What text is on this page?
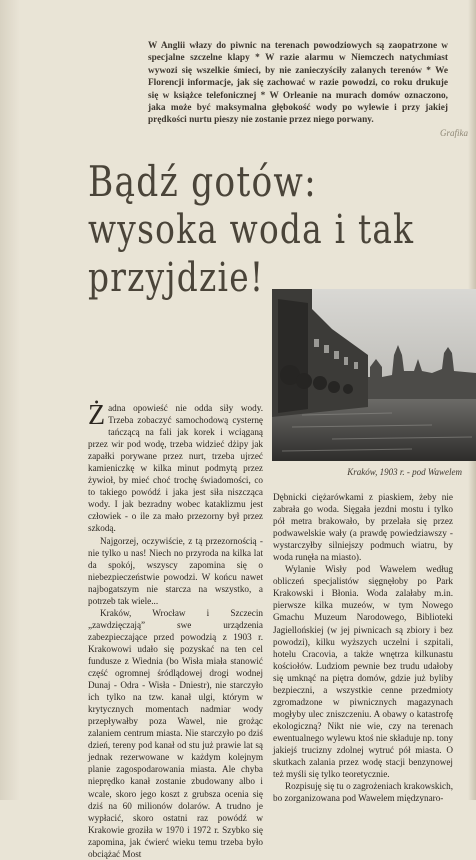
Grafika
W Anglii włazy do piwnic na terenach powodziowych są zaopatrzone w specjalne szczelne klapy * W razie alarmu w Niemczech natychmiast wywozi się wszelkie śmieci, by nie zanieczyściły zalanych terenów * We Florencji informacje, jak się zachować w razie powodzi, co roku drukuje się w książce telefonicznej * W Orleanie na murach domów oznaczono, jaka może być maksymalna głębokość wody po wylewie i przy jakiej prędkości nurtu pieszy nie zostanie przez niego porwany.
Bądź gotów:
wysoka woda i tak
przyjdzie!
Kraków, 1903 r. - pod Wawelem

Żadna opowieść nie odda siły wody. Trzeba zobaczyć samochodową cysternę tańczącą na fali jak korek i wciąganą przez wir pod wodę, trzeba widzieć dżipy jak zapałki porywane przez nurt, trzeba ujrzeć kamieniczkę w kilka minut podmytą przez żywioł, by mieć choć trochę świadomości, co to takiego powódź i jaka jest siła niszcząca wody. I jak bezradny wobec kataklizmu jest człowiek - o ile za mało przezorny był przez szkodą.

Najgorzej, oczywiście, z tą przezornością - nie tylko u nas! Niech no przyroda na kilka lat da spokój, wszyscy zapomina się o niebezpieczeństwie powodzi. W końcu nawet najbogatszym nie starcza na wszystko, a potrzeb tak wiele...

Kraków, Wrocław i Szczecin „zawdzięczają” swe urządzenia zabezpieczające przed powodzią z 1903 r. Krakowowi udało się pozyskać na ten cel fundusze z Wiednia (bo Wisła miała stanowić część ogromnej śródlądowej drogi wodnej Dunaj - Odra - Wisła - Dniestr), nie starczyło ich tylko na tzw. kanał ulgi, którym w krytycznych momentach nadmiar wody przepływałby poza Wawel, nie grożąc zalaniem centrum miasta. Nie starczyło po dziś dzień, tereny pod kanał od stu już prawie lat są jednak rezerwowane w każdym kolejnym planie zagospodarowania miasta. Ale chyba nieprędko kanał zostanie zbudowany albo i wcale, skoro jego koszt z grubsza ocenia się dziś na 60 milionów dolarów. A trudno je wypłacić, skoro ostatni raz powódź w Krakowie groziła w 1970 i 1972 r. Szybko się zapomina, jak ćwierć wieku temu trzeba było obciążać Most

Dębnicki ciężarówkami z piaskiem, żeby nie zabrała go woda. Sięgała jezdni mostu i tylko pół metra brakowało, by przelała się przez podwawelskie wały (a prawdę powiedziawszy - wystarczyłby silniejszy podmuch wiatru, by woda runęła na miasto).

Wylanie Wisły pod Wawelem według obliczeń specjalistów sięgnęłoby po Park Krakowski i Błonia. Woda zalałaby m.in. pierwsze kilka muzeów, w tym Nowego Gmachu Muzeum Narodowego, Biblioteki Jagiellońskiej (w jej piwnicach są zbiory i bez powodzi), kilku wyższych uczelni i szpitali, hotelu Cracovia, a także wnętrza kilkunastu kościołów. Ludziom pewnie bez trudu udałoby się umknąć na piętra domów, gdzie już byliby bezpieczni, a wszystkie cenne przedmioty zgromadzone w piwnicznych magazynach mogłyby ulec zniszczeniu. A obawy o katastrofę ekologiczną? Nikt nie wie, czy na terenach ewentualnego wylewu ktoś nie składuje np. tony jakiejś trucizny zdolnej wytruć pół miasta. O skutkach zalania przez wodę stacji benzynowej też myśli się tylko teoretycznie.

Rozpisuję się tu o zagrożeniach krakowskich, bo zorganizowana pod Wawelem międzynaro-
